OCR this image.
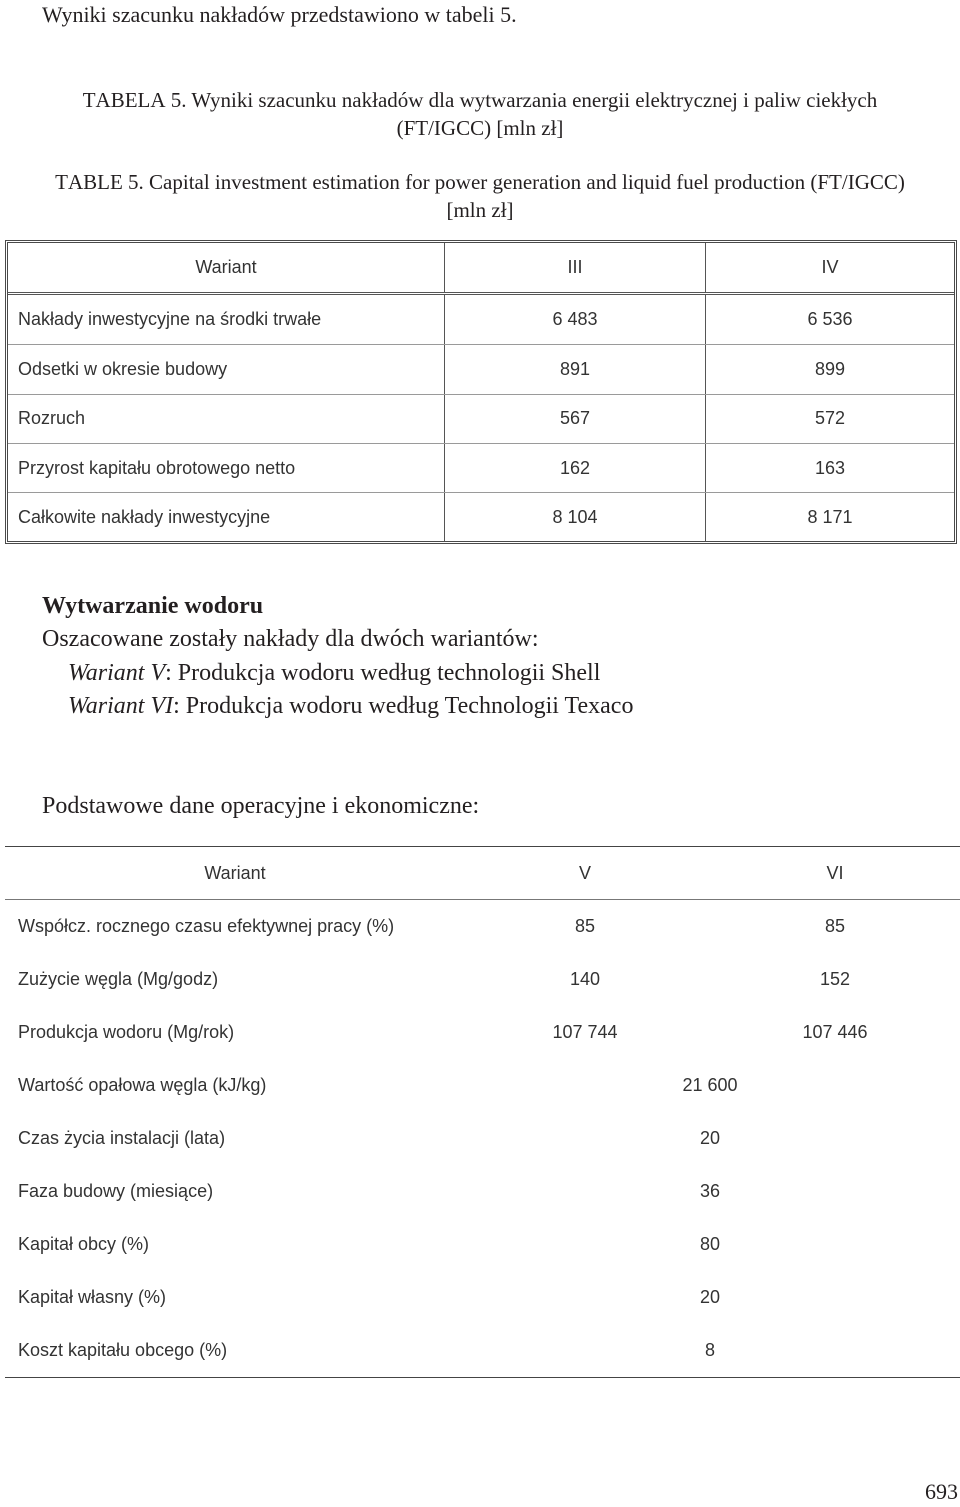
Wyniki szacunku nakładów przedstawiono w tabeli 5.
TABELA 5. Wyniki szacunku nakładów dla wytwarzania energii elektrycznej i paliw ciekłych
(FT/IGCC) [mln zł]
TABLE 5. Capital investment estimation for power generation and liquid fuel production (FT/IGCC)
[mln zł]
Wariant	III	IV
Nakłady inwestycyjne na środki trwałe	6 483	6 536
Odsetki w okresie budowy	891	899
Rozruch	567	572
Przyrost kapitału obrotowego netto	162	163
Całkowite nakłady inwestycyjne	8 104	8 171
Wytwarzanie wodoru
Oszacowane zostały nakłady dla dwóch wariantów:
Wariant V: Produkcja wodoru według technologii Shell
Wariant VI: Produkcja wodoru według Technologii Texaco
Podstawowe dane operacyjne i ekonomiczne:
Wariant	V	VI
Współcz. rocznego czasu efektywnej pracy (%)	85	85
Zużycie węgla (Mg/godz)	140	152
Produkcja wodoru (Mg/rok)	107 744	107 446
Wartość opałowa węgla (kJ/kg)	21 600
Czas życia instalacji (lata)	20
Faza budowy (miesiące)	36
Kapitał obcy (%)	80
Kapitał własny (%)	20
Koszt kapitału obcego (%)	8
693
